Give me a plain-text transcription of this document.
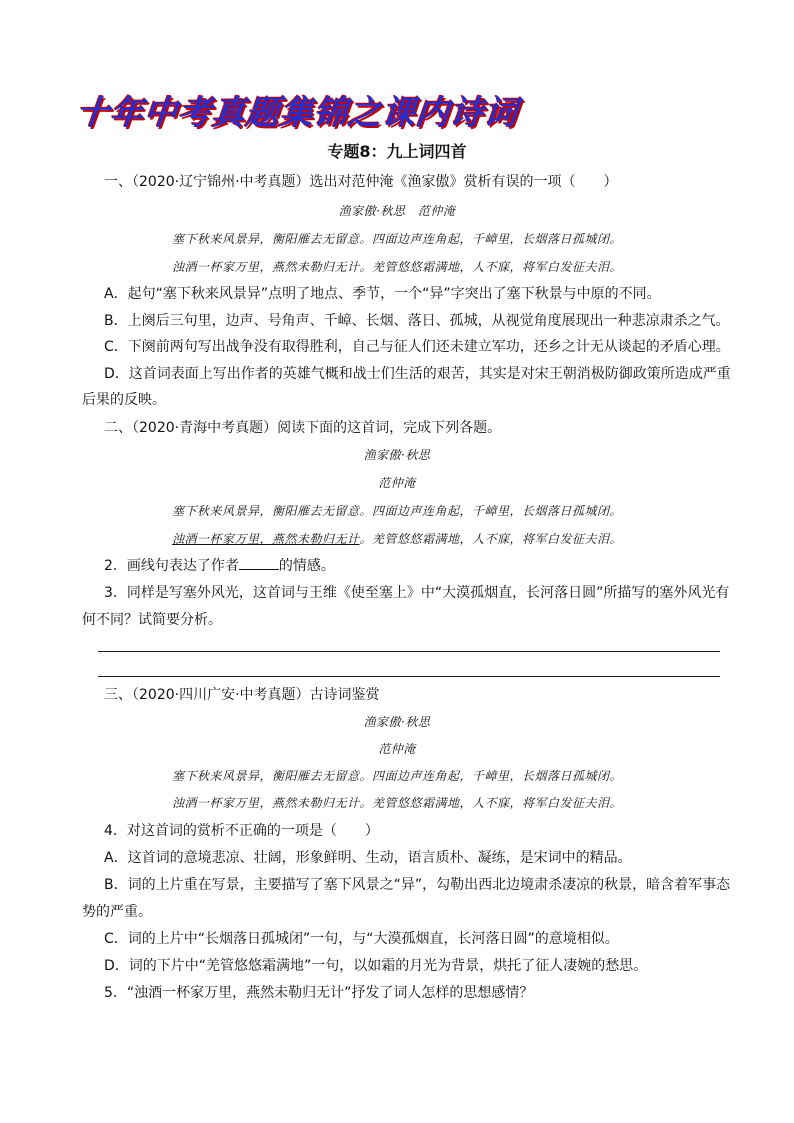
十年中考真题集锦之课内诗词
专题8：九上词四首
一、（2020·辽宁锦州·中考真题）选出对范仲淹《渔家傲》赏析有误的一项（　　）
渔家傲·秋思　范仲淹
塞下秋来风景异，衡阳雁去无留意。四面边声连角起，千嶂里，长烟落日孤城闭。
浊酒一杯家万里，燕然未勒归无计。羌管悠悠霜满地，人不寐，将军白发征夫泪。
A．起句“塞下秋来风景异”点明了地点、季节，一个“异”字突出了塞下秋景与中原的不同。
B．上阕后三句里，边声、号角声、千嶂、长烟、落日、孤城，从视觉角度展现出一种悲凉肃杀之气。
C．下阕前两句写出战争没有取得胜利，自己与征人们还未建立军功，还乡之计无从谈起的矛盾心理。
D．这首词表面上写出作者的英雄气概和战士们生活的艰苦，其实是对宋王朝消极防御政策所造成严重
后果的反映。
二、（2020·青海中考真题）阅读下面的这首词，完成下列各题。
渔家傲·秋思
范仲淹
塞下秋来风景异，衡阳雁去无留意。四面边声连角起，千嶂里，长烟落日孤城闭。
浊酒一杯家万里，燕然未勒归无计。羌管悠悠霜满地，人不寐，将军白发征夫泪。
2．画线句表达了作者	的情感。
3．同样是写塞外风光，这首词与王维《使至塞上》中“大漠孤烟直，长河落日圆”所描写的塞外风光有
何不同？试简要分析。
三、（2020·四川广安·中考真题）古诗词鉴赏
渔家傲·秋思
范仲淹
塞下秋来风景异，衡阳雁去无留意。四面边声连角起，千嶂里，长烟落日孤城闭。
浊酒一杯家万里，燕然未勒归无计。羌管悠悠霜满地，人不寐，将军白发征夫泪。
4．对这首词的赏析不正确的一项是（　　）
A．这首词的意境悲凉、壮阔，形象鲜明、生动，语言质朴、凝练，是宋词中的精品。
B．词的上片重在写景，主要描写了塞下风景之“异”，勾勒出西北边境肃杀凄凉的秋景，暗含着军事态
势的严重。
C．词的上片中“长烟落日孤城闭”一句，与“大漠孤烟直，长河落日圆”的意境相似。
D．词的下片中“羌管悠悠霜满地”一句，以如霜的月光为背景，烘托了征人凄婉的愁思。
5．“浊酒一杯家万里，燕然未勒归无计”抒发了词人怎样的思想感情？
